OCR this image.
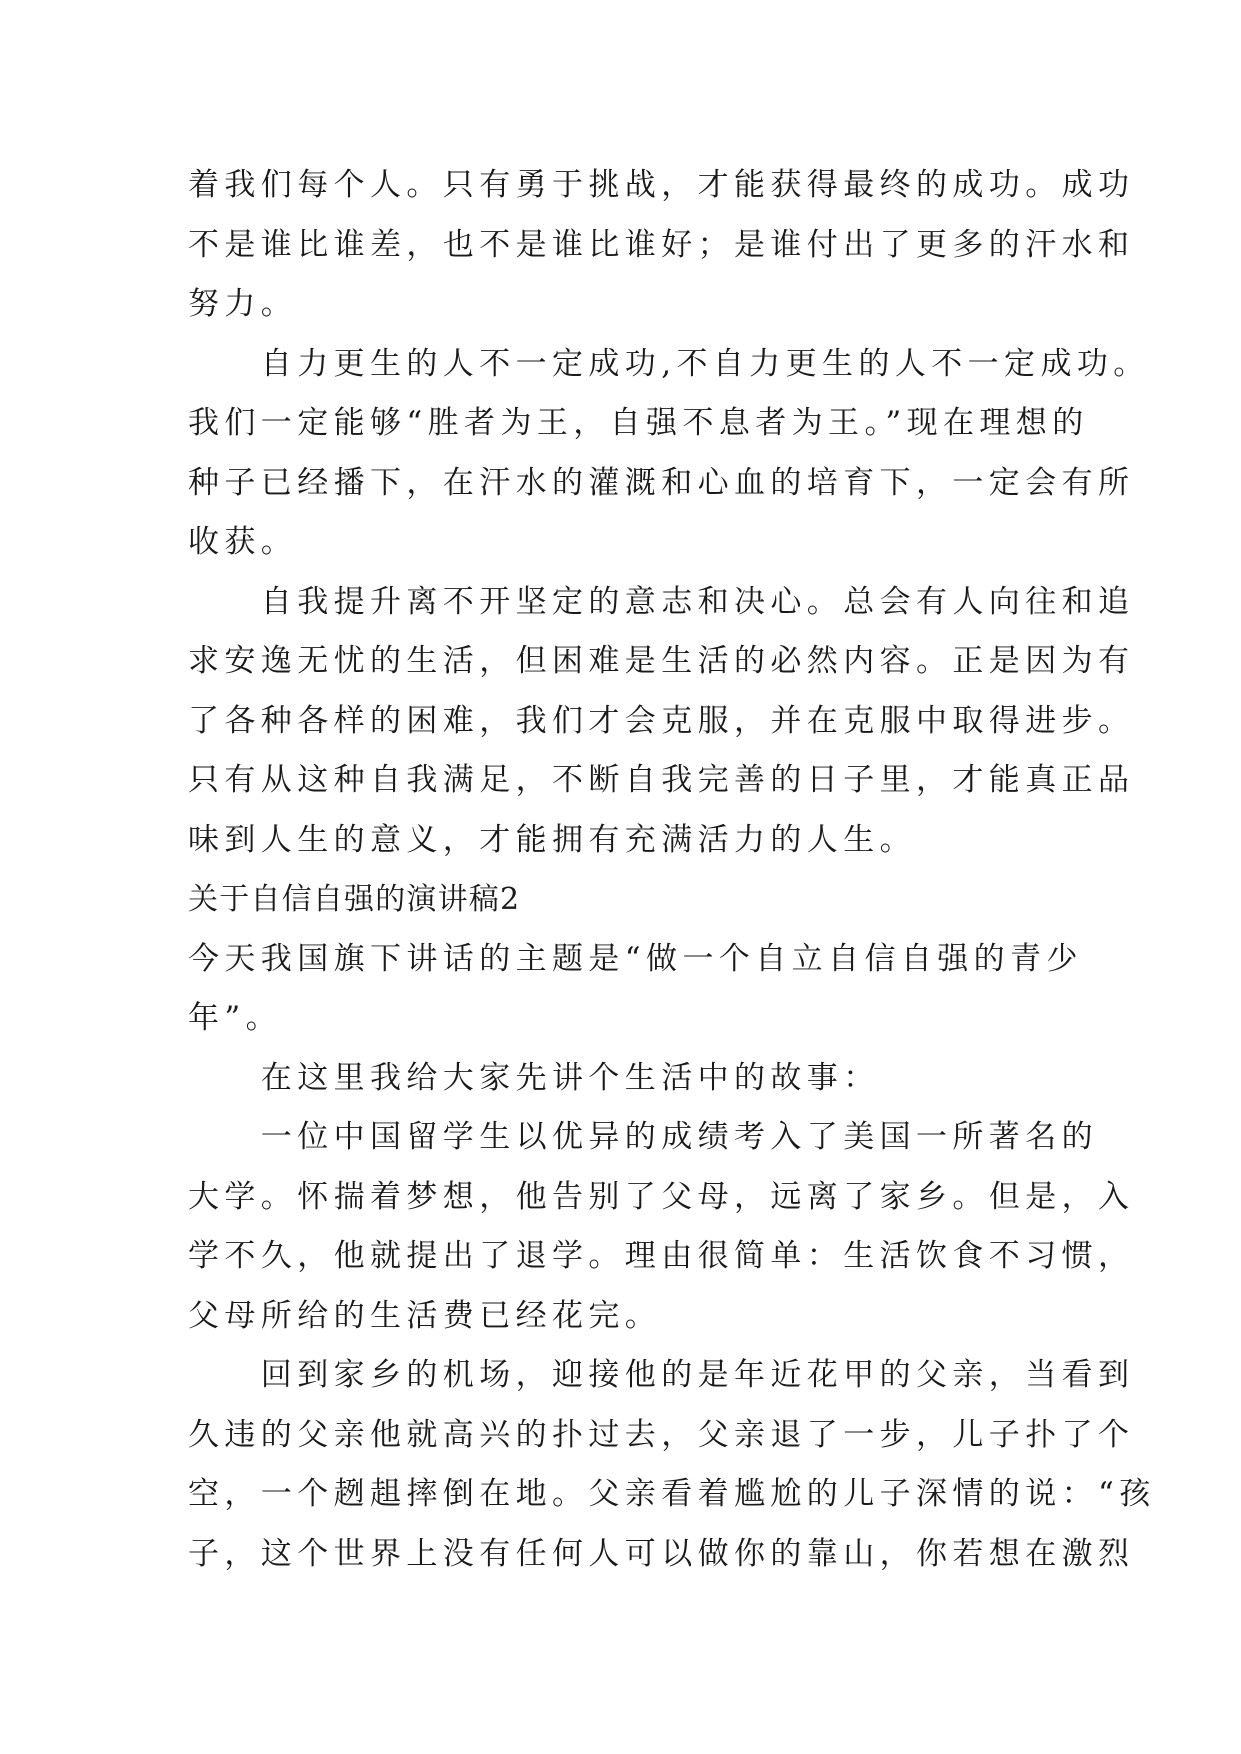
着我们每个人。只有勇于挑战，才能获得最终的成功。成功
不是谁比谁差，也不是谁比谁好；是谁付出了更多的汗水和
努力。
　　自力更生的人不一定成功,不自力更生的人不一定成功。
我们一定能够“胜者为王，自强不息者为王。”现在理想的
种子已经播下，在汗水的灌溉和心血的培育下，一定会有所
收获。
　　自我提升离不开坚定的意志和决心。总会有人向往和追
求安逸无忧的生活，但困难是生活的必然内容。正是因为有
了各种各样的困难，我们才会克服，并在克服中取得进步。
只有从这种自我满足，不断自我完善的日子里，才能真正品
味到人生的意义，才能拥有充满活力的人生。
关于自信自强的演讲稿2
今天我国旗下讲话的主题是“做一个自立自信自强的青少
年”。
　　在这里我给大家先讲个生活中的故事：
　　一位中国留学生以优异的成绩考入了美国一所著名的
大学。怀揣着梦想，他告别了父母，远离了家乡。但是，入
学不久，他就提出了退学。理由很简单：生活饮食不习惯，
父母所给的生活费已经花完。
　　回到家乡的机场，迎接他的是年近花甲的父亲，当看到
久违的父亲他就高兴的扑过去，父亲退了一步，儿子扑了个
空，一个趔趄摔倒在地。父亲看着尴尬的儿子深情的说：“孩
子，这个世界上没有任何人可以做你的靠山，你若想在激烈
